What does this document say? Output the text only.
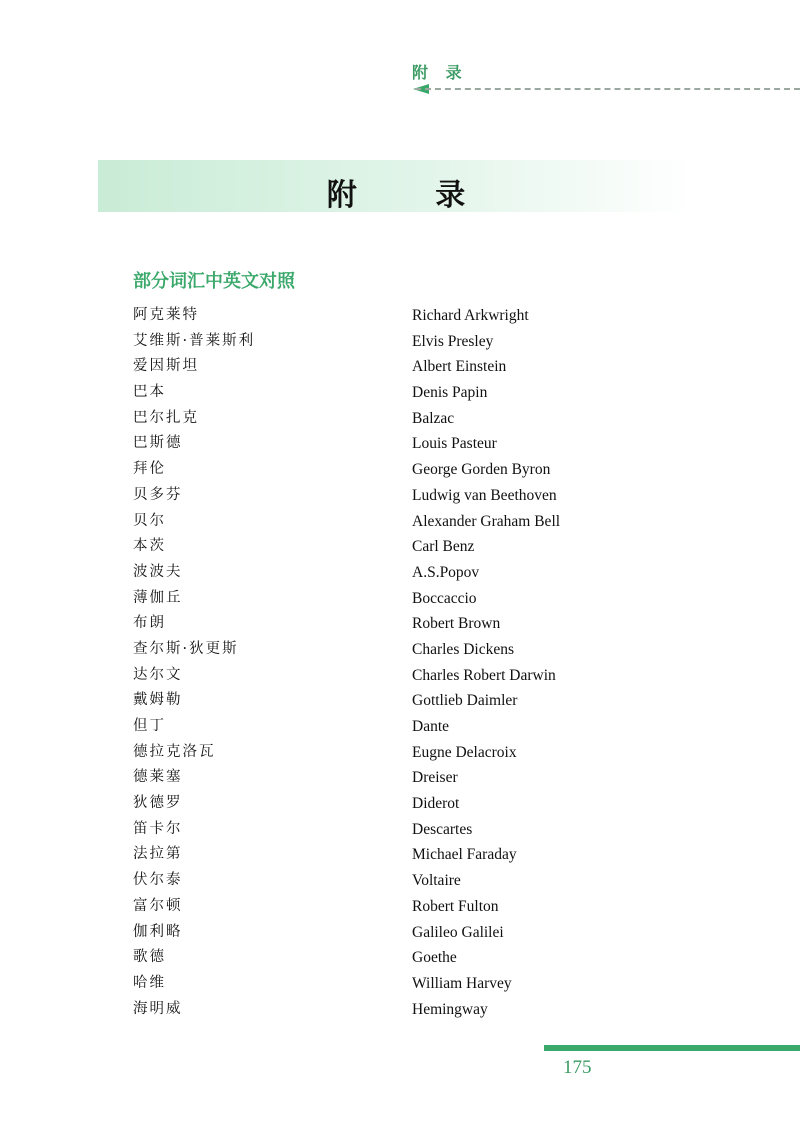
附 录
附 录
部分词汇中英文对照
阿克莱特	Richard Arkwright
艾维斯·普莱斯利	Elvis Presley
爱因斯坦	Albert Einstein
巴本	Denis Papin
巴尔扎克	Balzac
巴斯德	Louis Pasteur
拜伦	George Gorden Byron
贝多芬	Ludwig van Beethoven
贝尔	Alexander Graham Bell
本茨	Carl Benz
波波夫	A.S.Popov
薄伽丘	Boccaccio
布朗	Robert Brown
查尔斯·狄更斯	Charles Dickens
达尔文	Charles Robert Darwin
戴姆勒	Gottlieb Daimler
但丁	Dante
德拉克洛瓦	Eugne Delacroix
德莱塞	Dreiser
狄德罗	Diderot
笛卡尔	Descartes
法拉第	Michael Faraday
伏尔泰	Voltaire
富尔顿	Robert Fulton
伽利略	Galileo Galilei
歌德	Goethe
哈维	William Harvey
海明威	Hemingway
175
